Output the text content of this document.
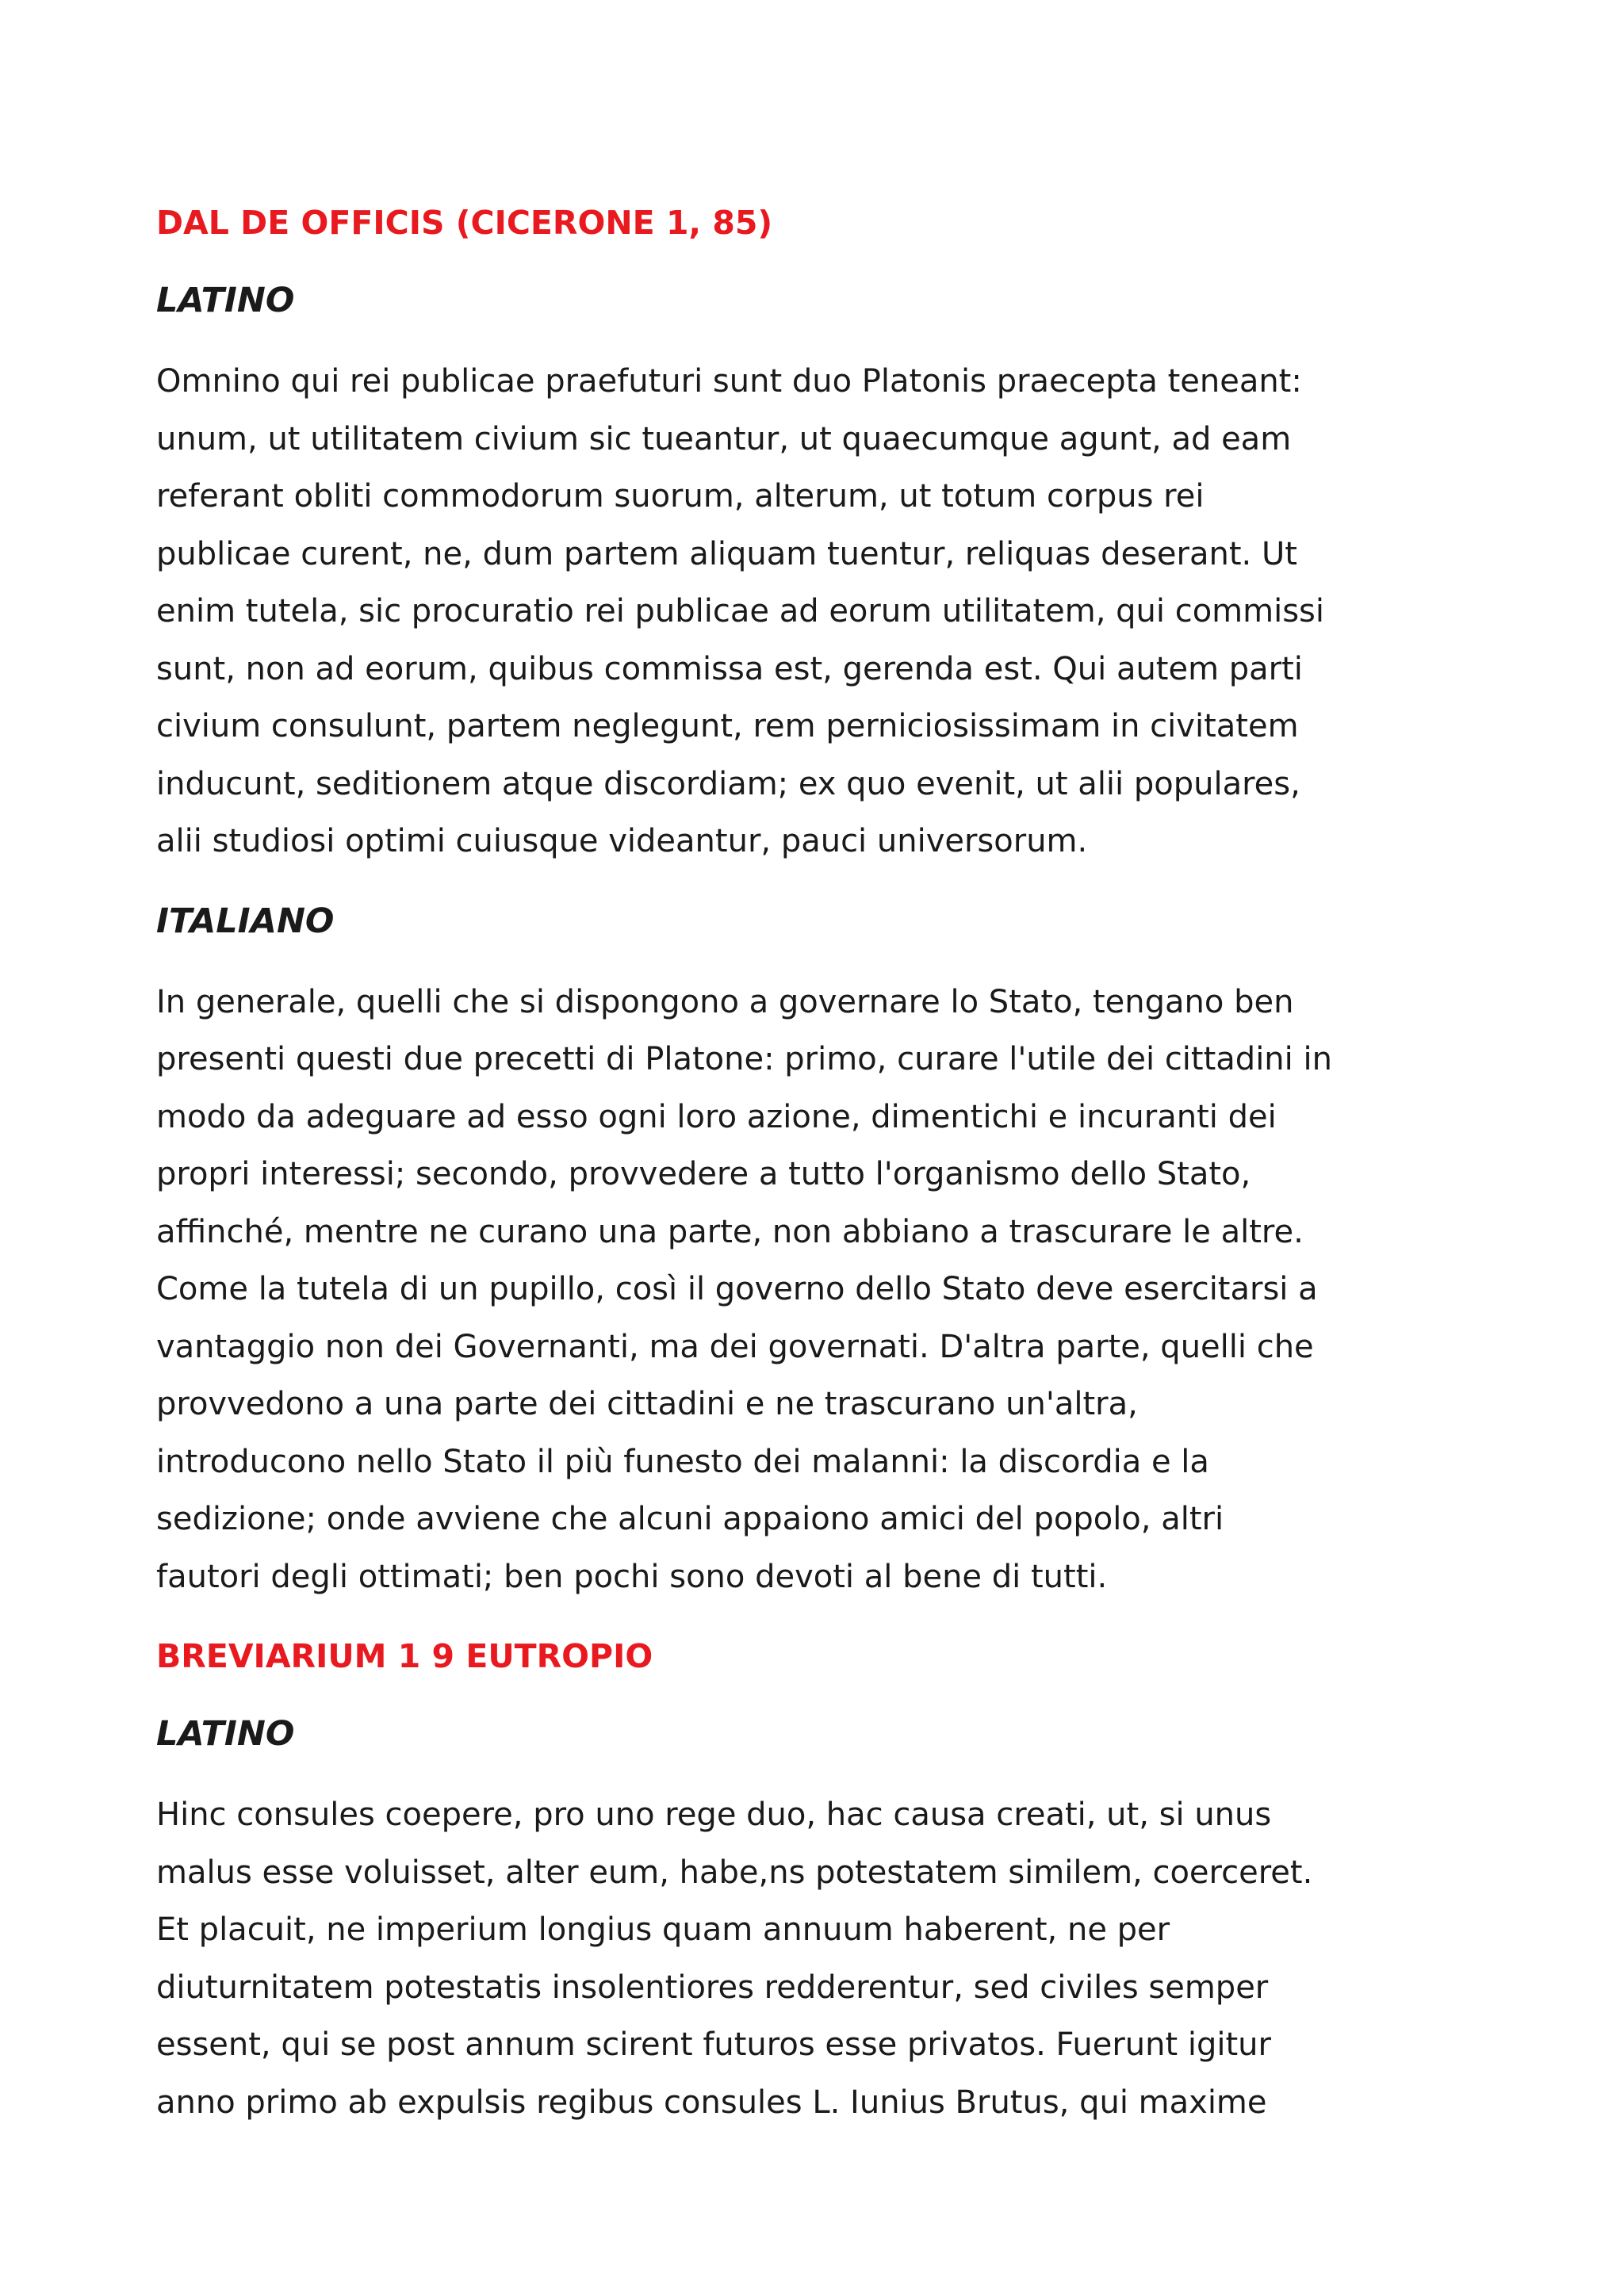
DAL DE OFFICIS (CICERONE 1, 85)
LATINO

Omnino qui rei publicae praefuturi sunt duo Platonis praecepta teneant:
unum, ut utilitatem civium sic tueantur, ut quaecumque agunt, ad eam
referant obliti commodorum suorum, alterum, ut totum corpus rei
publicae curent, ne, dum partem aliquam tuentur, reliquas deserant. Ut
enim tutela, sic procuratio rei publicae ad eorum utilitatem, qui commissi
sunt, non ad eorum, quibus commissa est, gerenda est. Qui autem parti
civium consulunt, partem neglegunt, rem perniciosissimam in civitatem
inducunt, seditionem atque discordiam; ex quo evenit, ut alii populares,
alii studiosi optimi cuiusque videantur, pauci universorum.

ITALIANO

In generale, quelli che si dispongono a governare lo Stato, tengano ben
presenti questi due precetti di Platone: primo, curare l'utile dei cittadini in
modo da adeguare ad esso ogni loro azione, dimentichi e incuranti dei
propri interessi; secondo, provvedere a tutto l'organismo dello Stato,
affinché, mentre ne curano una parte, non abbiano a trascurare le altre.
Come la tutela di un pupillo, così il governo dello Stato deve esercitarsi a
vantaggio non dei Governanti, ma dei governati. D'altra parte, quelli che
provvedono a una parte dei cittadini e ne trascurano un'altra,
introducono nello Stato il più funesto dei malanni: la discordia e la
sedizione; onde avviene che alcuni appaiono amici del popolo, altri
fautori degli ottimati; ben pochi sono devoti al bene di tutti.

BREVIARIUM 1 9 EUTROPIO
LATINO

Hinc consules coepere, pro uno rege duo, hac causa creati, ut, si unus
malus esse voluisset, alter eum, habe,ns potestatem similem, coerceret.
Et placuit, ne imperium longius quam annuum haberent, ne per
diuturnitatem potestatis insolentiores redderentur, sed civiles semper
essent, qui se post annum scirent futuros esse privatos. Fuerunt igitur
anno primo ab expulsis regibus consules L. Iunius Brutus, qui maxime
